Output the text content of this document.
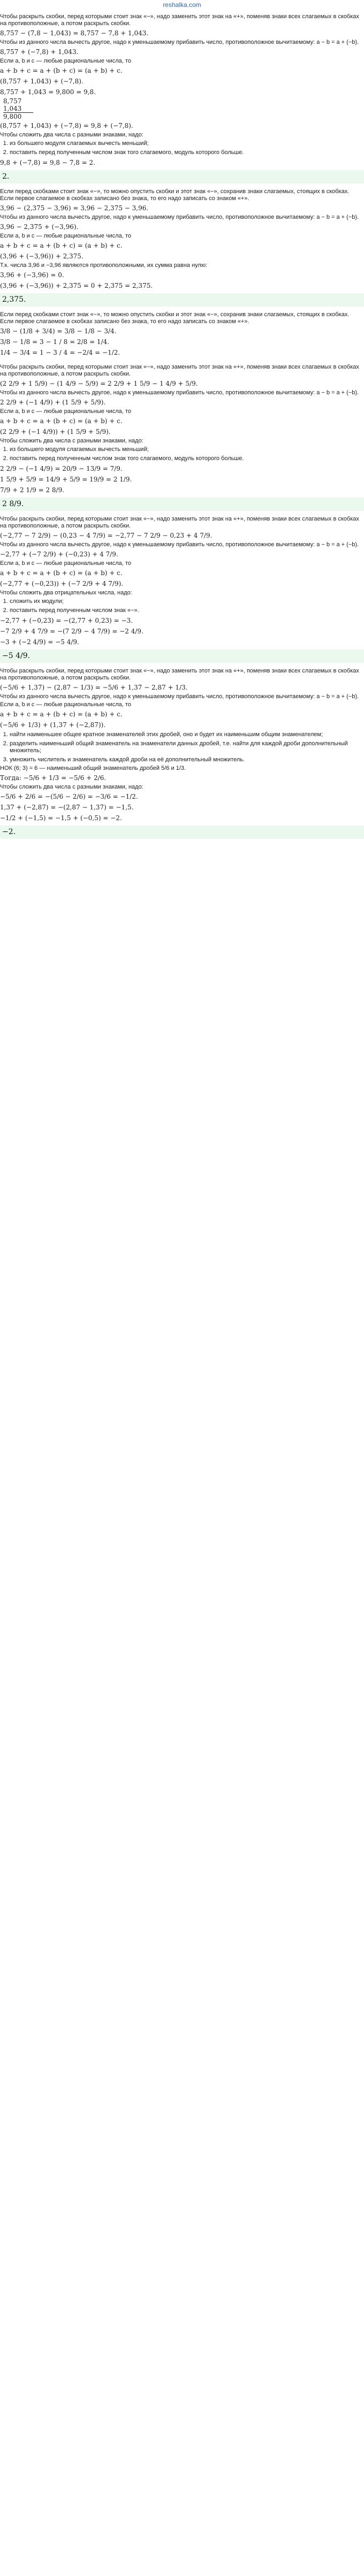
reshalka.com

Чтобы раскрыть скобки, перед которыми стоит знак «−», надо заменить этот знак на «+», поменяв знаки всех слагаемых в скобках на противоположные, а потом раскрыть скобки.

8,757 − (7,8 − 1,043) = 8,757 − 7,8 + 1,043.

Чтобы из данного числа вычесть другое, надо к уменьшаемому прибавить число, противоположное вычитаемому: a − b = a + (−b).

8,757 + (−7,8) + 1,043.

Если a, b и c — любые рациональные числа, то

a + b + c = a + (b + c) = (a + b) + c.
(8,757 + 1,043) + (−7,8).
8,757 + 1,043 = 9,800 = 9,8.
8,757
1,043
9,800
(8,757 + 1,043) + (−7,8) = 9,8 + (−7,8).

Чтобы сложить два числа с разными знаками, надо:

1. из большего модуля слагаемых вычесть меньший;
2. поставить перед полученным числом знак того слагаемого, модуль которого больше.
9,8 + (−7,8) = 9,8 − 7,8 = 2.
2.

Если перед скобками стоит знак «−», то можно опустить скобки и этот знак «−», сохранив знаки слагаемых, стоящих в скобках. Если первое слагаемое в скобках записано без знака, то его надо записать со знаком «+».

3,96 − (2,375 − 3,96) = 3,96 − 2,375 − 3,96.

Чтобы из данного числа вычесть другое, надо к уменьшаемому прибавить число, противоположное вычитаемому: a − b = a + (−b).

3,96 − 2,375 + (−3,96).

Если a, b и c — любые рациональные числа, то

a + b + c = a + (b + c) = (a + b) + c.
(3,96 + (−3,96)) + 2,375.

Т.к. числа 3,96 и −3,96 являются противоположными, их сумма равна нулю:

3,96 + (−3,96) = 0.
(3,96 + (−3,96)) + 2,375 = 0 + 2,375 = 2,375.
2,375.

Если перед скобками стоит знак «−», то можно опустить скобки и этот знак «−», сохранив знаки слагаемых, стоящих в скобках. Если первое слагаемое в скобках записано без знака, то его надо записать со знаком «+».

3/8 − (1/8 + 3/4) = 3/8 − 1/8 − 3/4.
3/8 − 1/8 = 3 − 1 / 8 = 2/8 = 1/4.
1/4 − 3/4 = 1 − 3 / 4 = −2/4 = −1/2.

Чтобы раскрыть скобки, перед которыми стоит знак «−», надо заменить этот знак на «+», поменяв знаки всех слагаемых в скобках на противоположные, а потом раскрыть скобки.

(2 2/9 + 1 5/9) − (1 4/9 − 5/9) = 2 2/9 + 1 5/9 − 1 4/9 + 5/9.

Чтобы из данного числа вычесть другое, надо к уменьшаемому прибавить число, противоположное вычитаемому: a − b = a + (−b).

2 2/9 + (−1 4/9) + (1 5/9 + 5/9).

Если a, b и c — любые рациональные числа, то

a + b + c = a + (b + c) = (a + b) + c.
(2 2/9 + (−1 4/9)) + (1 5/9 + 5/9).

Чтобы сложить два числа с разными знаками, надо:

1. из большего модуля слагаемых вычесть меньший;
2. поставить перед полученным числом знак того слагаемого, модуль которого больше.
2 2/9 − (−1 4/9) = 20/9 − 13/9 = 7/9.
1 5/9 + 5/9 = 14/9 + 5/9 = 19/9 = 2 1/9.
7/9 + 2 1/9 = 2 8/9.
2 8/9.

Чтобы раскрыть скобки, перед которыми стоит знак «−», надо заменить этот знак на «+», поменяв знаки всех слагаемых в скобках на противоположные, а потом раскрыть скобки.

(−2,77 − 7 2/9) − (0,23 − 4 7/9) = −2,77 − 7 2/9 − 0,23 + 4 7/9.

Чтобы из данного числа вычесть другое, надо к уменьшаемому прибавить число, противоположное вычитаемому: a − b = a + (−b).

−2,77 + (−7 2/9) + (−0,23) + 4 7/9.

Если a, b и c — любые рациональные числа, то

a + b + c = a + (b + c) = (a + b) + c.
(−2,77 + (−0,23)) + (−7 2/9 + 4 7/9).

Чтобы сложить два отрицательных числа, надо:

1. сложить их модули;
2. поставить перед полученным числом знак «−».
−2,77 + (−0,23) = −(2,77 + 0,23) = −3.
−7 2/9 + 4 7/9 = −(7 2/9 − 4 7/9) = −2 4/9.
−3 + (−2 4/9) = −5 4/9.
−5 4/9.

Чтобы раскрыть скобки, перед которыми стоит знак «−», надо заменить этот знак на «+», поменяв знаки всех слагаемых в скобках на противоположные, а потом раскрыть скобки.

(−5/6 + 1,37) − (2,87 − 1/3) = −5/6 + 1,37 − 2,87 + 1/3.

Чтобы из данного числа вычесть другое, надо к уменьшаемому прибавить число, противоположное вычитаемому: a − b = a + (−b).

Если a, b и c — любые рациональные числа, то

a + b + c = a + (b + c) = (a + b) + c.
(−5/6 + 1/3) + (1,37 + (−2,87)).
1. найти наименьшее общее кратное знаменателей этих дробей, оно и будет их наименьшим общим знаменателем;
2. разделить наименьший общий знаменатель на знаменатели данных дробей, т.е. найти для каждой дроби дополнительный множитель;
3. умножить числитель и знаменатель каждой дроби на её дополнительный множитель.

НОК (6; 3) = 6 — наименьший общий знаменатель дробей 5/6 и 1/3.

Тогда: −5/6 + 1/3 = −5/6 + 2/6.

Чтобы сложить два числа с разными знаками, надо:

−5/6 + 2/6 = −(5/6 − 2/6) = −3/6 = −1/2.
1,37 + (−2,87) = −(2,87 − 1,37) = −1,5.
−1/2 + (−1,5) = −1,5 + (−0,5) = −2.
−2.
